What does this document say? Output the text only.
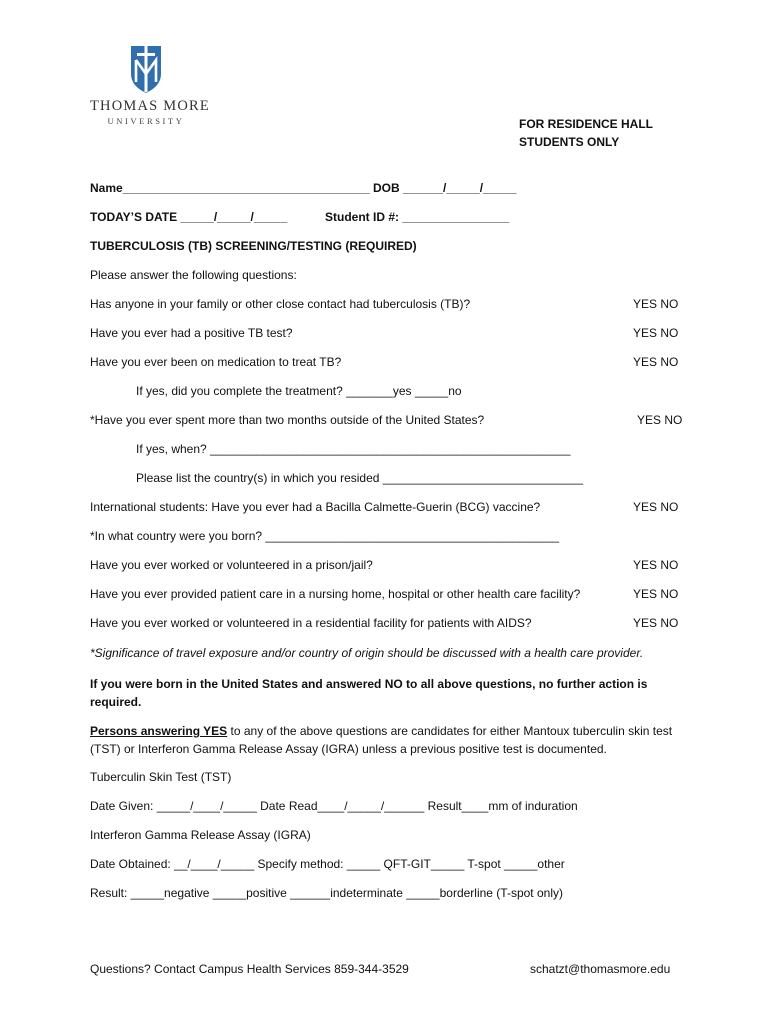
THOMAS MORE
UNIVERSITY	FOR RESIDENCE HALL
STUDENTS ONLY
Name_____________________________________ DOB ______/_____/_____
TODAY’S DATE _____/_____/_____	Student ID #: ________________
TUBERCULOSIS (TB) SCREENING/TESTING (REQUIRED)
Please answer the following questions:
Has anyone in your family or other close contact had tuberculosis (TB)?	YES NO
Have you ever had a positive TB test?	YES NO
Have you ever been on medication to treat TB?	YES NO
If yes, did you complete the treatment? _______yes _____no
*Have you ever spent more than two months outside of the United States?	YES NO
If yes, when? ______________________________________________________
Please list the country(s) in which you resided ______________________________
International students: Have you ever had a Bacilla Calmette-Guerin (BCG) vaccine?	YES NO
*In what country were you born? ____________________________________________
Have you ever worked or volunteered in a prison/jail?	YES NO
Have you ever provided patient care in a nursing home, hospital or other health care facility?	YES NO
Have you ever worked or volunteered in a residential facility for patients with AIDS?	YES NO
*Significance of travel exposure and/or country of origin should be discussed with a health care provider.
If you were born in the United States and answered NO to all above questions, no further action is required.
Persons answering YES to any of the above questions are candidates for either Mantoux tuberculin skin test (TST) or Interferon Gamma Release Assay (IGRA) unless a previous positive test is documented.
Tuberculin Skin Test (TST)
Date Given: _____/____/_____ Date Read____/_____/______ Result____mm of induration
Interferon Gamma Release Assay (IGRA)
Date Obtained: __/____/_____ Specify method: _____ QFT-GIT_____ T-spot _____other
Result: _____negative _____positive ______indeterminate _____borderline (T-spot only)
Questions? Contact Campus Health Services 859-344-3529	schatzt@thomasmore.edu
